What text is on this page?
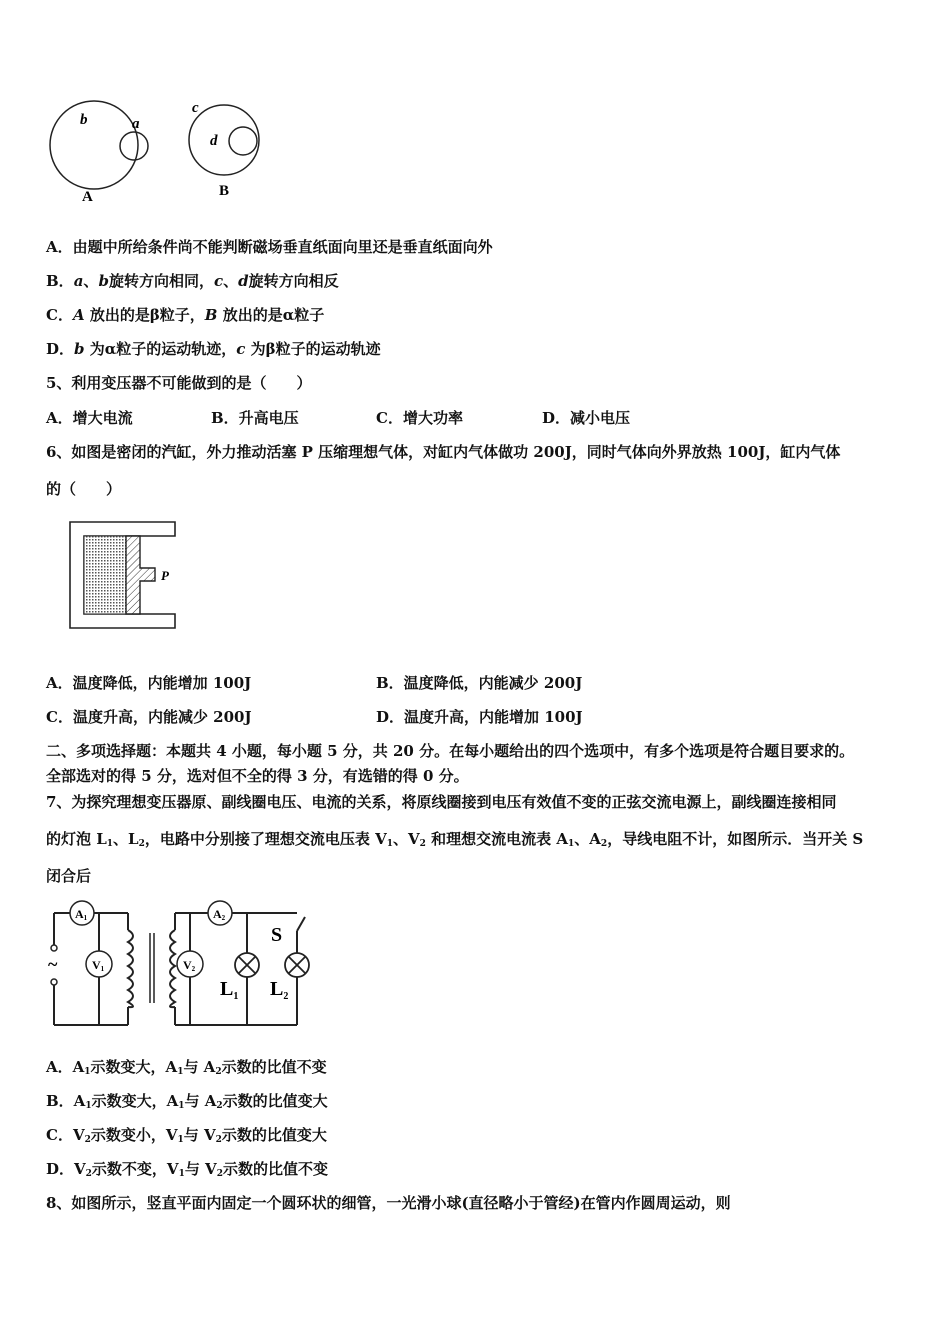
b	a
c
d
A	B
A．由题中所给条件尚不能判断磁场垂直纸面向里还是垂直纸面向外
B．a、b旋转方向相同，c、d旋转方向相反
C．A 放出的是β粒子，B 放出的是α粒子
D．b 为α粒子的运动轨迹，c 为β粒子的运动轨迹
5、利用变压器不可能做到的是（　　）
A．增大电流	B．升高电压	C．增大功率	D．减小电压
6、如图是密闭的汽缸，外力推动活塞 P 压缩理想气体，对缸内气体做功 200J，同时气体向外界放热 100J，缸内气体
的（　　）
P
A．温度降低，内能增加 100J	B．温度降低，内能减少 200J
C．温度升高，内能减少 200J	D．温度升高，内能增加 100J
二、多项选择题：本题共 4 小题，每小题 5 分，共 20 分。在每小题给出的四个选项中，有多个选项是符合题目要求的。
全部选对的得 5 分，选对但不全的得 3 分，有选错的得 0 分。
7、为探究理想变压器原、副线圈电压、电流的关系，将原线圈接到电压有效值不变的正弦交流电源上，副线圈连接相同
的灯泡 $L_1$、$L_2$，电路中分别接了理想交流电压表 $V_1$、$V_2$ 和理想交流电流表 $A_1$、$A_2$，导线电阻不计，如图所示．当开关 S
闭合后
~
A1
V1
A2
V2
S
$L_1$ $L_2$
A．$A_1$示数变大，$A_1$与 $A_2$示数的比值不变
B．$A_1$示数变大，$A_1$与 $A_2$示数的比值变大
C．$V_2$示数变小，$V_1$与 $V_2$示数的比值变大
D．$V_2$示数不变，$V_1$与 $V_2$示数的比值不变
8、如图所示，竖直平面内固定一个圆环状的细管，一光滑小球(直径略小于管经)在管内作圆周运动，则
